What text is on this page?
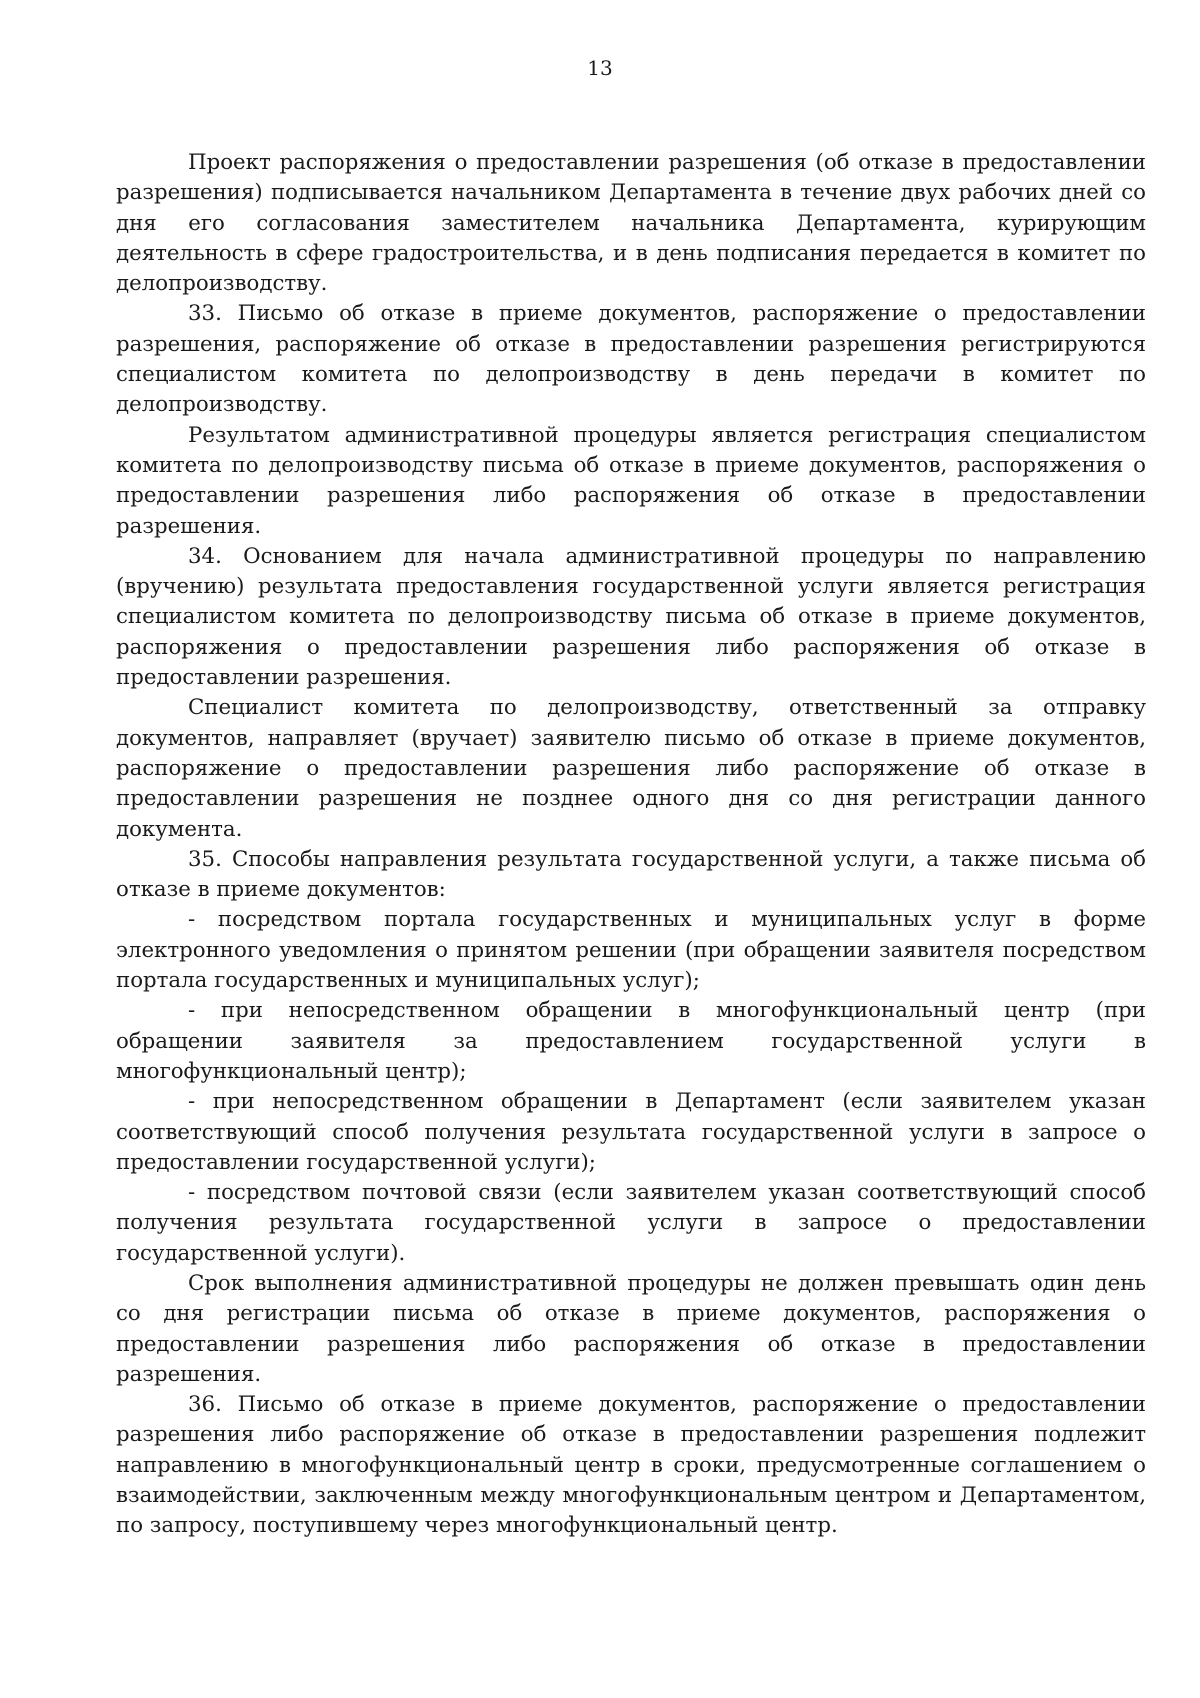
13

Проект распоряжения о предоставлении разрешения (об отказе в предоставлении разрешения) подписывается начальником Департамента в течение двух рабочих дней со дня его согласования заместителем начальника Департамента, курирующим деятельность в сфере градостроительства, и в день подписания передается в комитет по делопроизводству.

33. Письмо об отказе в приеме документов, распоряжение о предоставлении разрешения, распоряжение об отказе в предоставлении разрешения регистрируются специалистом комитета по делопроизводству в день передачи в комитет по делопроизводству.

Результатом административной процедуры является регистрация специалистом комитета по делопроизводству письма об отказе в приеме документов, распоряжения о предоставлении разрешения либо распоряжения об отказе в предоставлении разрешения.

34. Основанием для начала административной процедуры по направлению (вручению) результата предоставления государственной услуги является регистрация специалистом комитета по делопроизводству письма об отказе в приеме документов, распоряжения о предоставлении разрешения либо распоряжения об отказе в предоставлении разрешения.

Специалист комитета по делопроизводству, ответственный за отправку документов, направляет (вручает) заявителю письмо об отказе в приеме документов, распоряжение о предоставлении разрешения либо распоряжение об отказе в предоставлении разрешения не позднее одного дня со дня регистрации данного документа.

35. Способы направления результата государственной услуги, а также письма об отказе в приеме документов:

- посредством портала государственных и муниципальных услуг в форме электронного уведомления о принятом решении (при обращении заявителя посредством портала государственных и муниципальных услуг);

- при непосредственном обращении в многофункциональный центр (при обращении заявителя за предоставлением государственной услуги в многофункциональный центр);

- при непосредственном обращении в Департамент (если заявителем указан соответствующий способ получения результата государственной услуги в запросе о предоставлении государственной услуги);

- посредством почтовой связи (если заявителем указан соответствующий способ получения результата государственной услуги в запросе о предоставлении государственной услуги).

Срок выполнения административной процедуры не должен превышать один день со дня регистрации письма об отказе в приеме документов, распоряжения о предоставлении разрешения либо распоряжения об отказе в предоставлении разрешения.

36. Письмо об отказе в приеме документов, распоряжение о предоставлении разрешения либо распоряжение об отказе в предоставлении разрешения подлежит направлению в многофункциональный центр в сроки, предусмотренные соглашением о взаимодействии, заключенным между многофункциональным центром и Департаментом, по запросу, поступившему через многофункциональный центр.
